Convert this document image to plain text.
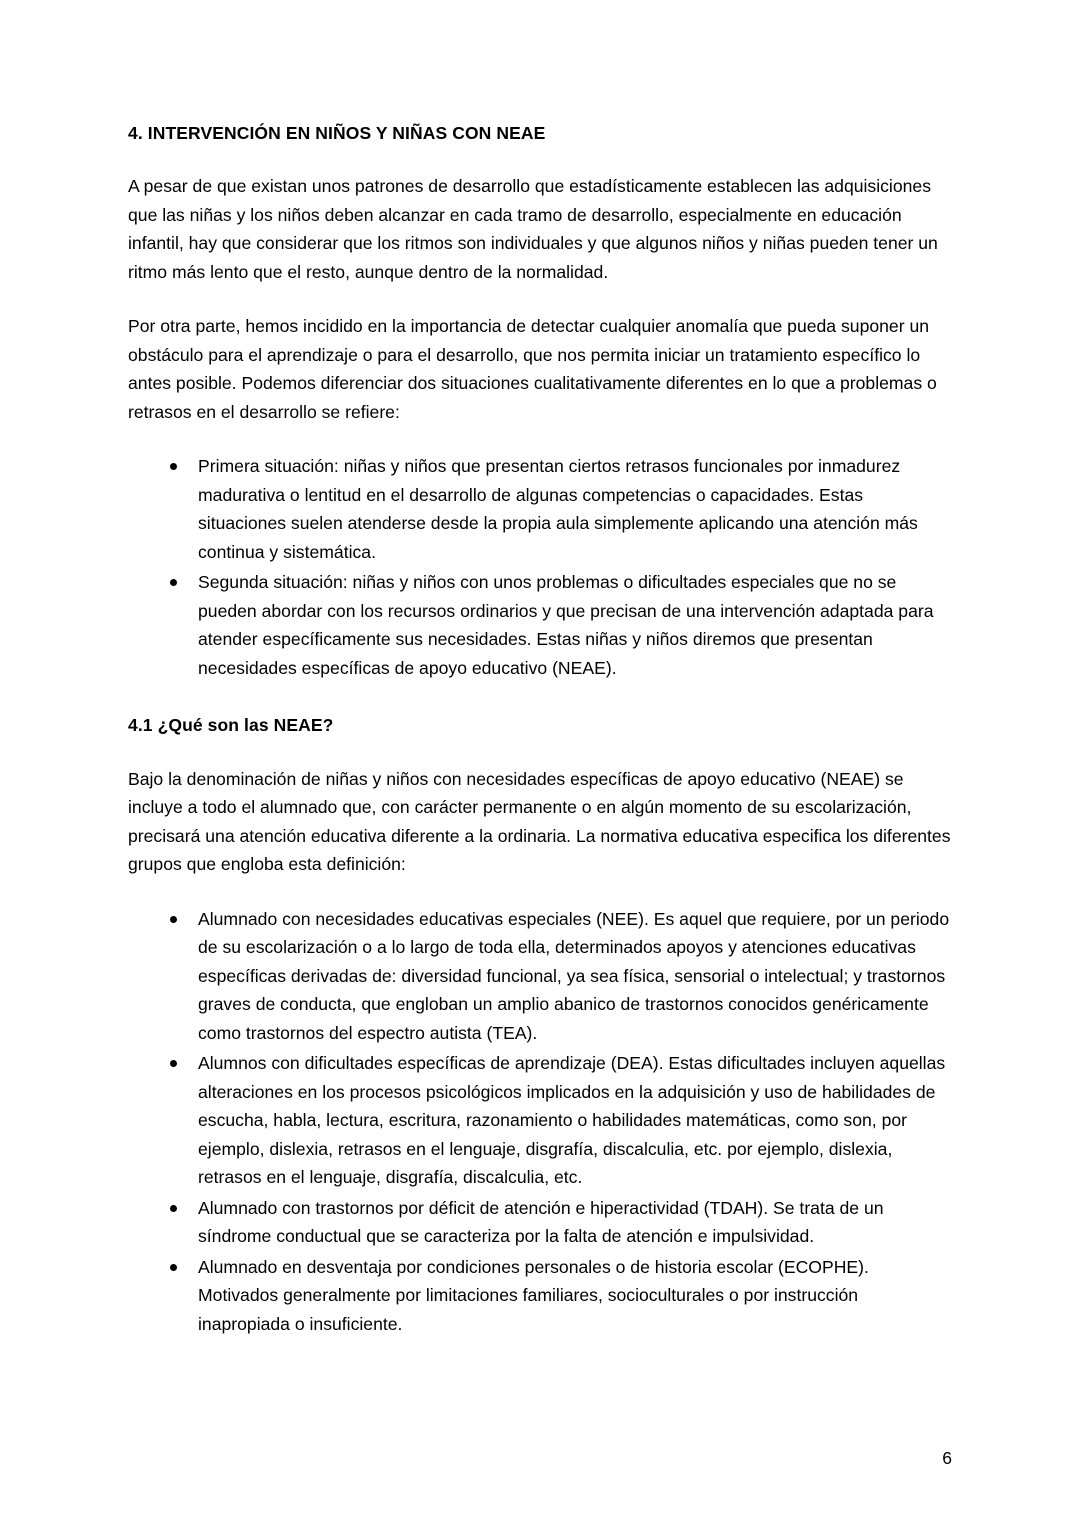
4. INTERVENCIÓN EN NIÑOS Y NIÑAS CON NEAE

A pesar de que existan unos patrones de desarrollo que estadísticamente establecen las adquisiciones que las niñas y los niños deben alcanzar en cada tramo de desarrollo, especialmente en educación infantil, hay que considerar que los ritmos son individuales y que algunos niños y niñas pueden tener un ritmo más lento que el resto, aunque dentro de la normalidad.

Por otra parte, hemos incidido en la importancia de detectar cualquier anomalía que pueda suponer un obstáculo para el aprendizaje o para el desarrollo, que nos permita iniciar un tratamiento específico lo antes posible. Podemos diferenciar dos situaciones cualitativamente diferentes en lo que a problemas o retrasos en el desarrollo se refiere:

Primera situación: niñas y niños que presentan ciertos retrasos funcionales por inmadurez madurativa o lentitud en el desarrollo de algunas competencias o capacidades. Estas situaciones suelen atenderse desde la propia aula simplemente aplicando una atención más continua y sistemática.
Segunda situación: niñas y niños con unos problemas o dificultades especiales que no se pueden abordar con los recursos ordinarios y que precisan de una intervención adaptada para atender específicamente sus necesidades. Estas niñas y niños diremos que presentan necesidades específicas de apoyo educativo (NEAE).
4.1 ¿Qué son las NEAE?

Bajo la denominación de niñas y niños con necesidades específicas de apoyo educativo (NEAE) se incluye a todo el alumnado que, con carácter permanente o en algún momento de su escolarización, precisará una atención educativa diferente a la ordinaria. La normativa educativa especifica los diferentes grupos que engloba esta definición:

Alumnado con necesidades educativas especiales (NEE). Es aquel que requiere, por un periodo de su escolarización o a lo largo de toda ella, determinados apoyos y atenciones educativas específicas derivadas de: diversidad funcional, ya sea física, sensorial o intelectual; y trastornos graves de conducta, que engloban un amplio abanico de trastornos conocidos genéricamente como trastornos del espectro autista (TEA).
Alumnos con dificultades específicas de aprendizaje (DEA). Estas dificultades incluyen aquellas alteraciones en los procesos psicológicos implicados en la adquisición y uso de habilidades de escucha, habla, lectura, escritura, razonamiento o habilidades matemáticas, como son, por ejemplo, dislexia, retrasos en el lenguaje, disgrafía, discalculia, etc. por ejemplo, dislexia, retrasos en el lenguaje, disgrafía, discalculia, etc.
Alumnado con trastornos por déficit de atención e hiperactividad (TDAH). Se trata de un síndrome conductual que se caracteriza por la falta de atención e impulsividad.
Alumnado en desventaja por condiciones personales o de historia escolar (ECOPHE). Motivados generalmente por limitaciones familiares, socioculturales o por instrucción inapropiada o insuficiente.
6
